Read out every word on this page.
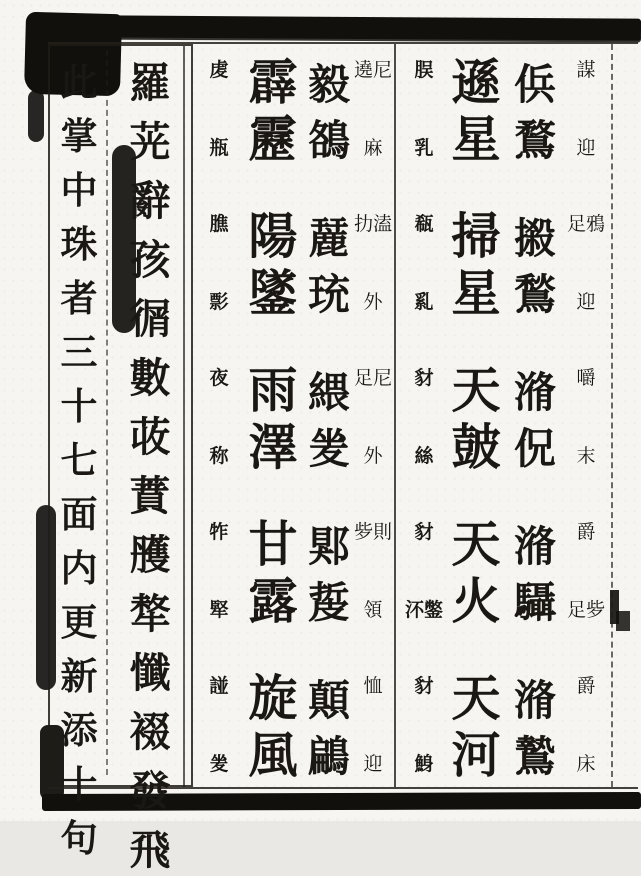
此
掌
中
珠
者
三
十
七
面
内
更
新
添
十
句
羅
茪
辭
孩
㣯
數
荍
蕡
雘
㹈
懺
裰
發
飛
䖍
瓶
霹
靂
毅
鵅
遶尼
麻
膲
彯
陽
鐆
麉
珫
扐溘
外
夜
称
雨
澤
䋿
夎
足尼
外
㸲
㹂
甘
露
郹
㿱
㱔則
領
諩
夎
旋
風
顛
鶣
恤
迎
脵
乳
遜
星
㑟
鶩
謀
迎
瓻
乿
掃
星
摋
鶖
足鴉
迎
豺
絲
天
皷
潃
㑆
嚼
末
豺
㳅鐅
天
火
潃
䯀
爵
足㱔
豺
鯓
天
河
潃
鷙
爵
床
